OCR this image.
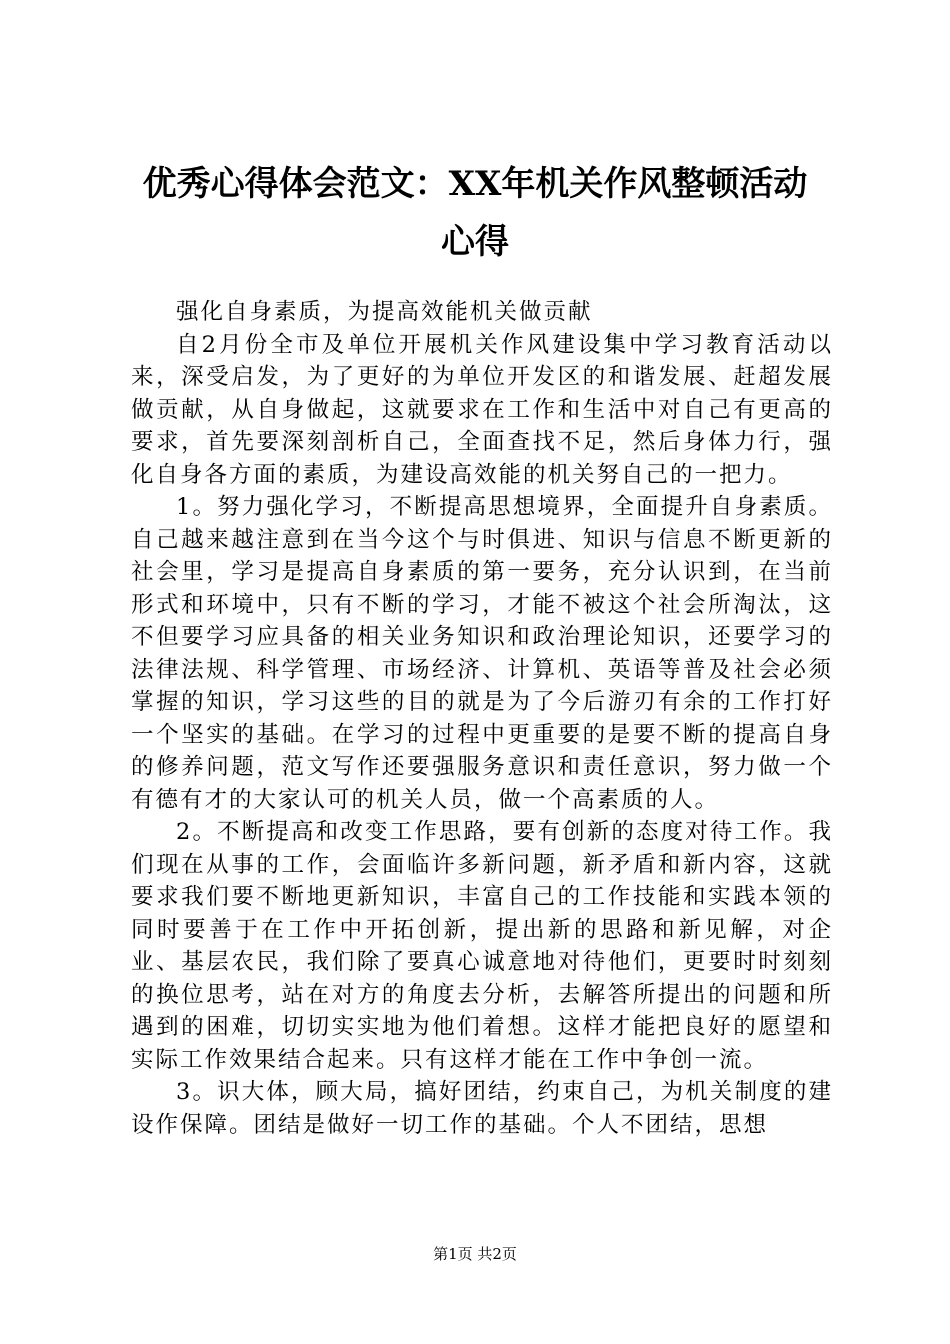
优秀心得体会范文：XX年机关作风整顿活动
心得

强化自身素质，为提高效能机关做贡献

自2月份全市及单位开展机关作风建设集中学习教育活动以来，深受启发，为了更好的为单位开发区的和谐发展、赶超发展做贡献，从自身做起，这就要求在工作和生活中对自己有更高的要求，首先要深刻剖析自己，全面查找不足，然后身体力行，强化自身各方面的素质，为建设高效能的机关努自己的一把力。

1。努力强化学习，不断提高思想境界，全面提升自身素质。自己越来越注意到在当今这个与时俱进、知识与信息不断更新的社会里，学习是提高自身素质的第一要务，充分认识到，在当前形式和环境中，只有不断的学习，才能不被这个社会所淘汰，这不但要学习应具备的相关业务知识和政治理论知识，还要学习的法律法规、科学管理、市场经济、计算机、英语等普及社会必须掌握的知识，学习这些的目的就是为了今后游刃有余的工作打好一个坚实的基础。在学习的过程中更重要的是要不断的提高自身的修养问题，范文写作还要强服务意识和责任意识，努力做一个有德有才的大家认可的机关人员，做一个高素质的人。

2。不断提高和改变工作思路，要有创新的态度对待工作。我们现在从事的工作，会面临许多新问题，新矛盾和新内容，这就要求我们要不断地更新知识，丰富自己的工作技能和实践本领的同时要善于在工作中开拓创新，提出新的思路和新见解，对企业、基层农民，我们除了要真心诚意地对待他们，更要时时刻刻的换位思考，站在对方的角度去分析，去解答所提出的问题和所遇到的困难，切切实实地为他们着想。这样才能把良好的愿望和实际工作效果结合起来。只有这样才能在工作中争创一流。

3。识大体，顾大局，搞好团结，约束自己，为机关制度的建设作保障。团结是做好一切工作的基础。个人不团结，思想

第1页 共2页
